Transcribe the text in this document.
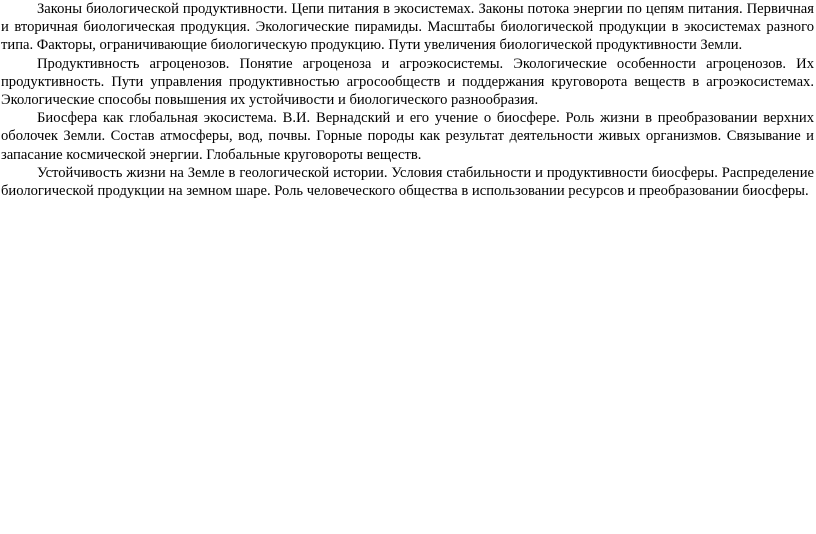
Законы биологической продуктивности. Цепи питания в экосистемах. Законы потока энергии по цепям питания. Первичная и вторичная биологическая продукция. Экологические пирамиды. Масштабы биологической продукции в экосистемах разного типа. Факторы, ограничивающие биологическую продукцию. Пути увеличения биологической продуктивности Земли.

Продуктивность агроценозов. Понятие агроценоза и агроэкосистемы. Экологические особенности агроценозов. Их продуктивность. Пути управления продуктивностью агросообществ и поддержания круговорота веществ в агроэкосистемах. Экологические способы повышения их устойчивости и биологического разнообразия.

Биосфера как глобальная экосистема. В.И. Вернадский и его учение о биосфере. Роль жизни в преобразовании верхних оболочек Земли. Состав атмосферы, вод, почвы. Горные породы как результат деятельности живых организмов. Связывание и запасание космической энергии. Глобальные круговороты веществ.

Устойчивость жизни на Земле в геологической истории. Условия стабильности и продуктивности биосферы. Распределение биологической продукции на земном шаре. Роль человеческого общества в использовании ресурсов и преобразовании биосферы.
